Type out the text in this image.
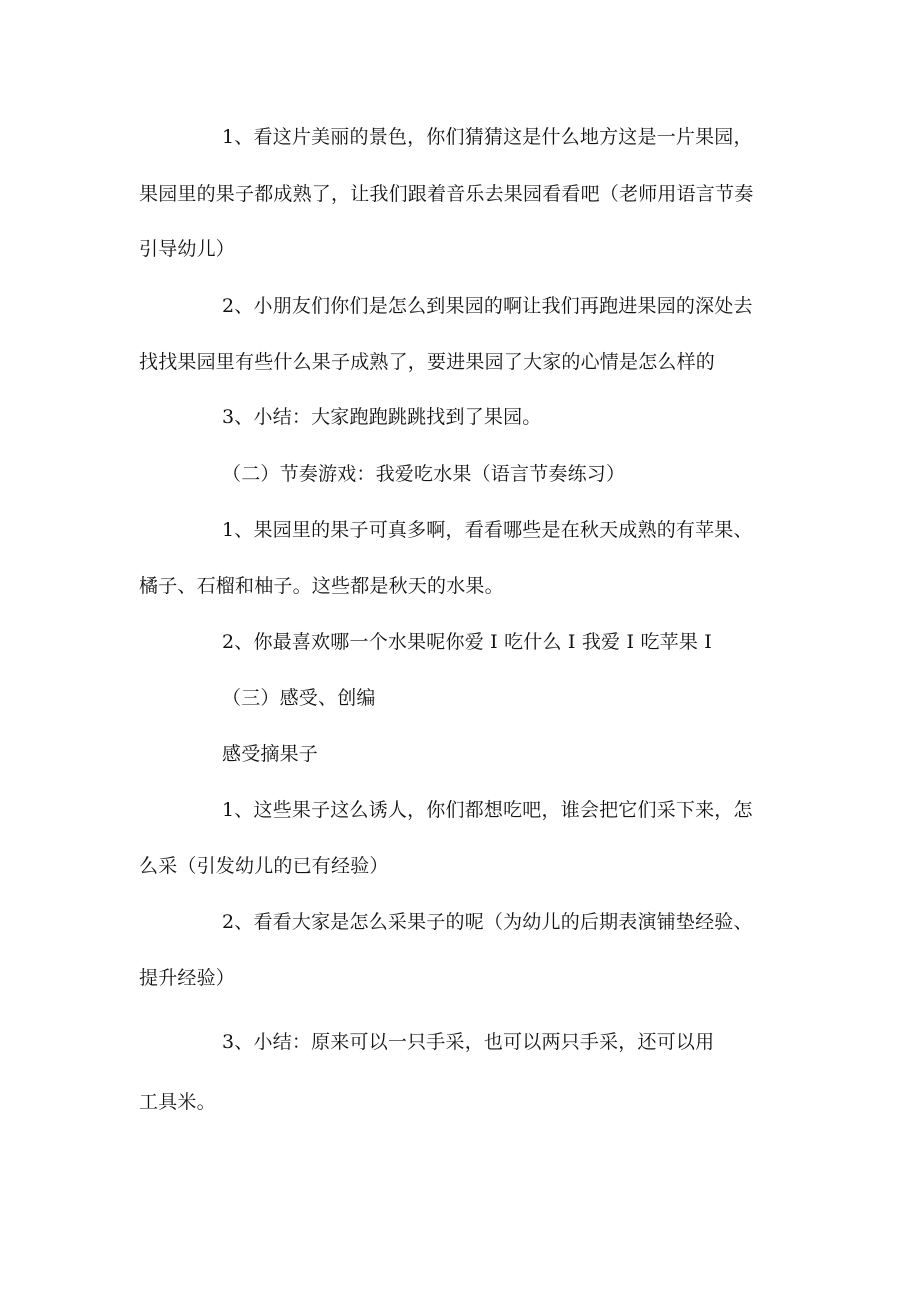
1、看这片美丽的景色，你们猜猜这是什么地方这是一片果园，
果园里的果子都成熟了，让我们跟着音乐去果园看看吧（老师用语言节奏
引导幼儿）
2、小朋友们你们是怎么到果园的啊让我们再跑进果园的深处去
找找果园里有些什么果子成熟了，要进果园了大家的心情是怎么样的
3、小结：大家跑跑跳跳找到了果园。
（二）节奏游戏：我爱吃水果（语言节奏练习）
1、果园里的果子可真多啊，看看哪些是在秋天成熟的有苹果、
橘子、石榴和柚子。这些都是秋天的水果。
2、你最喜欢哪一个水果呢你爱 I 吃什么 I 我爱 I 吃苹果 I
（三）感受、创编
感受摘果子
1、这些果子这么诱人，你们都想吃吧，谁会把它们采下来，怎
么采（引发幼儿的已有经验）
2、看看大家是怎么采果子的呢（为幼儿的后期表演铺垫经验、
提升经验）
3、小结：原来可以一只手采，也可以两只手采，还可以用
工具米。
